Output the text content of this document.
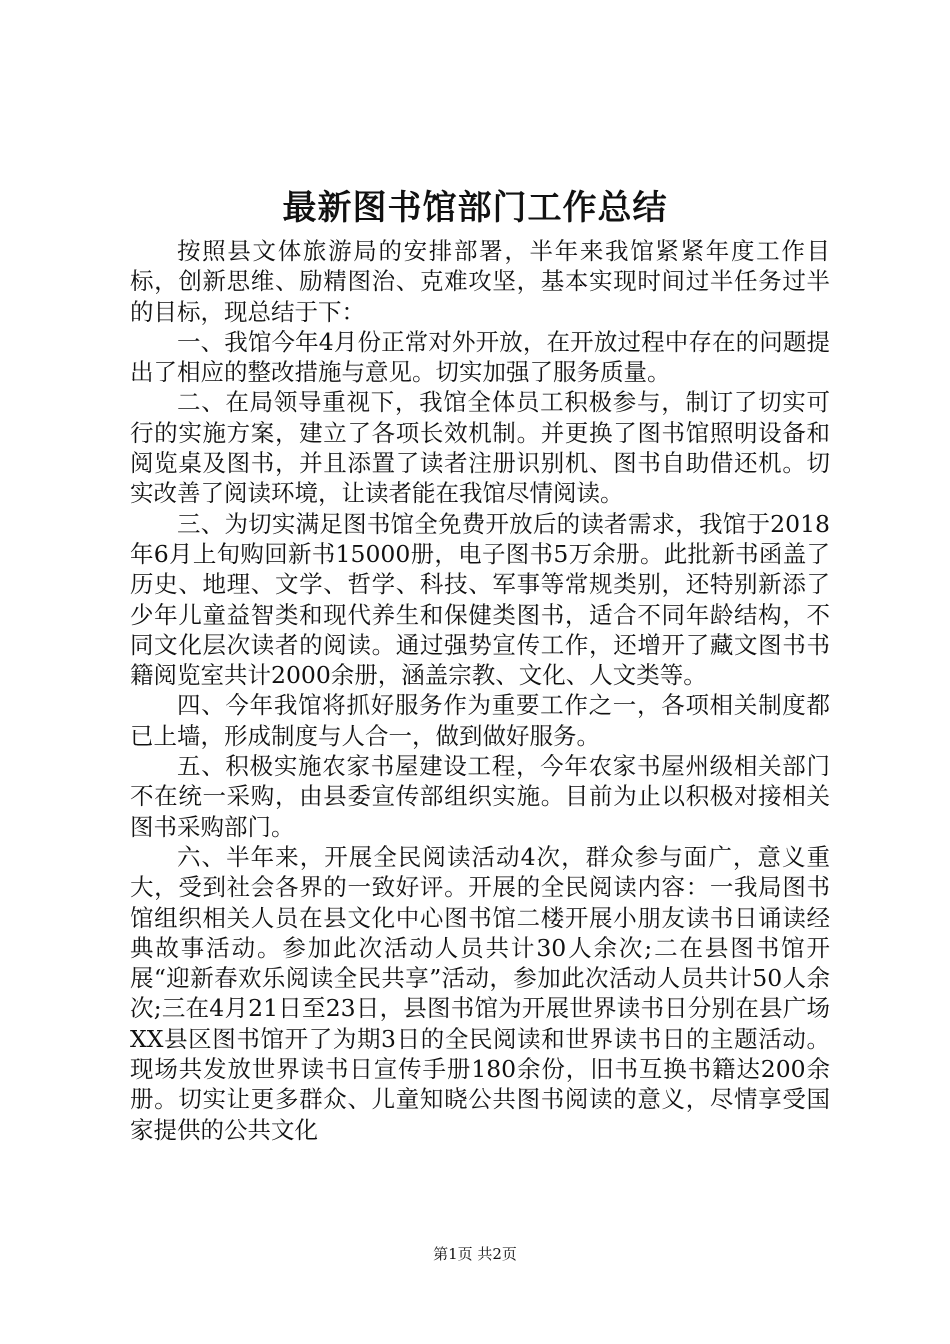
最新图书馆部门工作总结

按照县文体旅游局的安排部署，半年来我馆紧紧年度工作目标，创新思维、励精图治、克难攻坚，基本实现时间过半任务过半的目标，现总结于下：

一、我馆今年4月份正常对外开放，在开放过程中存在的问题提出了相应的整改措施与意见。切实加强了服务质量。

二、在局领导重视下，我馆全体员工积极参与，制订了切实可行的实施方案，建立了各项长效机制。并更换了图书馆照明设备和阅览桌及图书，并且添置了读者注册识别机、图书自助借还机。切实改善了阅读环境，让读者能在我馆尽情阅读。

三、为切实满足图书馆全免费开放后的读者需求，我馆于2018年6月上旬购回新书15000册，电子图书5万余册。此批新书函盖了历史、地理、文学、哲学、科技、军事等常规类别，还特别新添了少年儿童益智类和现代养生和保健类图书，适合不同年龄结构，不同文化层次读者的阅读。通过强势宣传工作，还增开了藏文图书书籍阅览室共计2000余册，涵盖宗教、文化、人文类等。

四、今年我馆将抓好服务作为重要工作之一，各项相关制度都已上墙，形成制度与人合一，做到做好服务。

五、积极实施农家书屋建设工程，今年农家书屋州级相关部门不在统一采购，由县委宣传部组织实施。目前为止以积极对接相关图书采购部门。

六、半年来，开展全民阅读活动4次，群众参与面广，意义重大，受到社会各界的一致好评。开展的全民阅读内容：一我局图书馆组织相关人员在县文化中心图书馆二楼开展小朋友读书日诵读经典故事活动。参加此次活动人员共计30人余次;二在县图书馆开展“迎新春欢乐阅读全民共享”活动，参加此次活动人员共计50人余次;三在4月21日至23日，县图书馆为开展世界读书日分别在县广场XX县区图书馆开了为期3日的全民阅读和世界读书日的主题活动。现场共发放世界读书日宣传手册180余份，旧书互换书籍达200余册。切实让更多群众、儿童知晓公共图书阅读的意义，尽情享受国家提供的公共文化

第1页 共2页
